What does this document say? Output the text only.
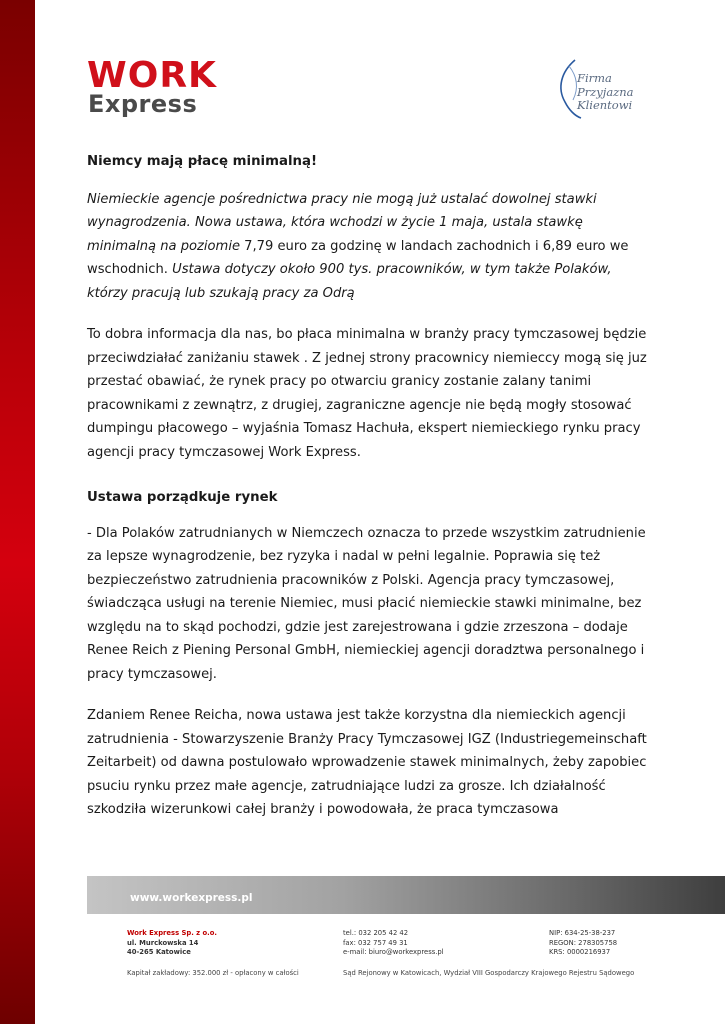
WORK
Express
Firma
Przyjazna
Klientowi
Niemcy mają płacę minimalną!
Niemieckie agencje pośrednictwa pracy nie mogą już ustalać dowolnej stawki wynagrodzenia. Nowa ustawa, która wchodzi w życie 1 maja, ustala stawkę minimalną na poziomie 7,79 euro za godzinę w landach zachodnich i 6,89 euro we wschodnich. Ustawa dotyczy około 900 tys. pracowników, w tym także Polaków, którzy pracują lub szukają pracy za Odrą
To dobra informacja dla nas, bo płaca minimalna w branży pracy tymczasowej będzie przeciwdziałać zaniżaniu stawek . Z jednej strony pracownicy niemieccy mogą się juz przestać obawiać, że rynek pracy po otwarciu granicy zostanie zalany tanimi pracownikami z zewnątrz, z drugiej, zagraniczne agencje nie będą mogły stosować dumpingu płacowego – wyjaśnia Tomasz Hachuła, ekspert niemieckiego rynku pracy agencji pracy tymczasowej Work Express.
Ustawa porządkuje rynek
- Dla Polaków zatrudnianych w Niemczech oznacza to przede wszystkim zatrudnienie za lepsze wynagrodzenie, bez ryzyka i nadal w pełni legalnie. Poprawia się też bezpieczeństwo zatrudnienia pracowników z Polski. Agencja pracy tymczasowej, świadcząca usługi na terenie Niemiec, musi płacić niemieckie stawki minimalne, bez względu na to skąd pochodzi, gdzie jest zarejestrowana i gdzie zrzeszona – dodaje Renee Reich z Piening Personal GmbH, niemieckiej agencji doradztwa personalnego i pracy tymczasowej.
Zdaniem Renee Reicha, nowa ustawa jest także korzystna dla niemieckich agencji zatrudnienia - Stowarzyszenie Branży Pracy Tymczasowej IGZ (Industriegemeinschaft Zeitarbeit) od dawna postulowało wprowadzenie stawek minimalnych, żeby zapobiec psuciu rynku przez małe agencje, zatrudniające ludzi za grosze. Ich działalność szkodziła wizerunkowi całej branży i powodowała, że praca tymczasowa
www.workexpress.pl
Work Express Sp. z o.o.
ul. Murckowska 14
40-265 Katowice
tel.: 032 205 42 42
fax: 032 757 49 31
e-mail: biuro@workexpress.pl
NIP: 634-25-38-237
REGON: 278305758
KRS: 0000216937
Kapitał zakładowy: 352.000 zł - opłacony w całości	Sąd Rejonowy w Katowicach, Wydział VIII Gospodarczy Krajowego Rejestru Sądowego
